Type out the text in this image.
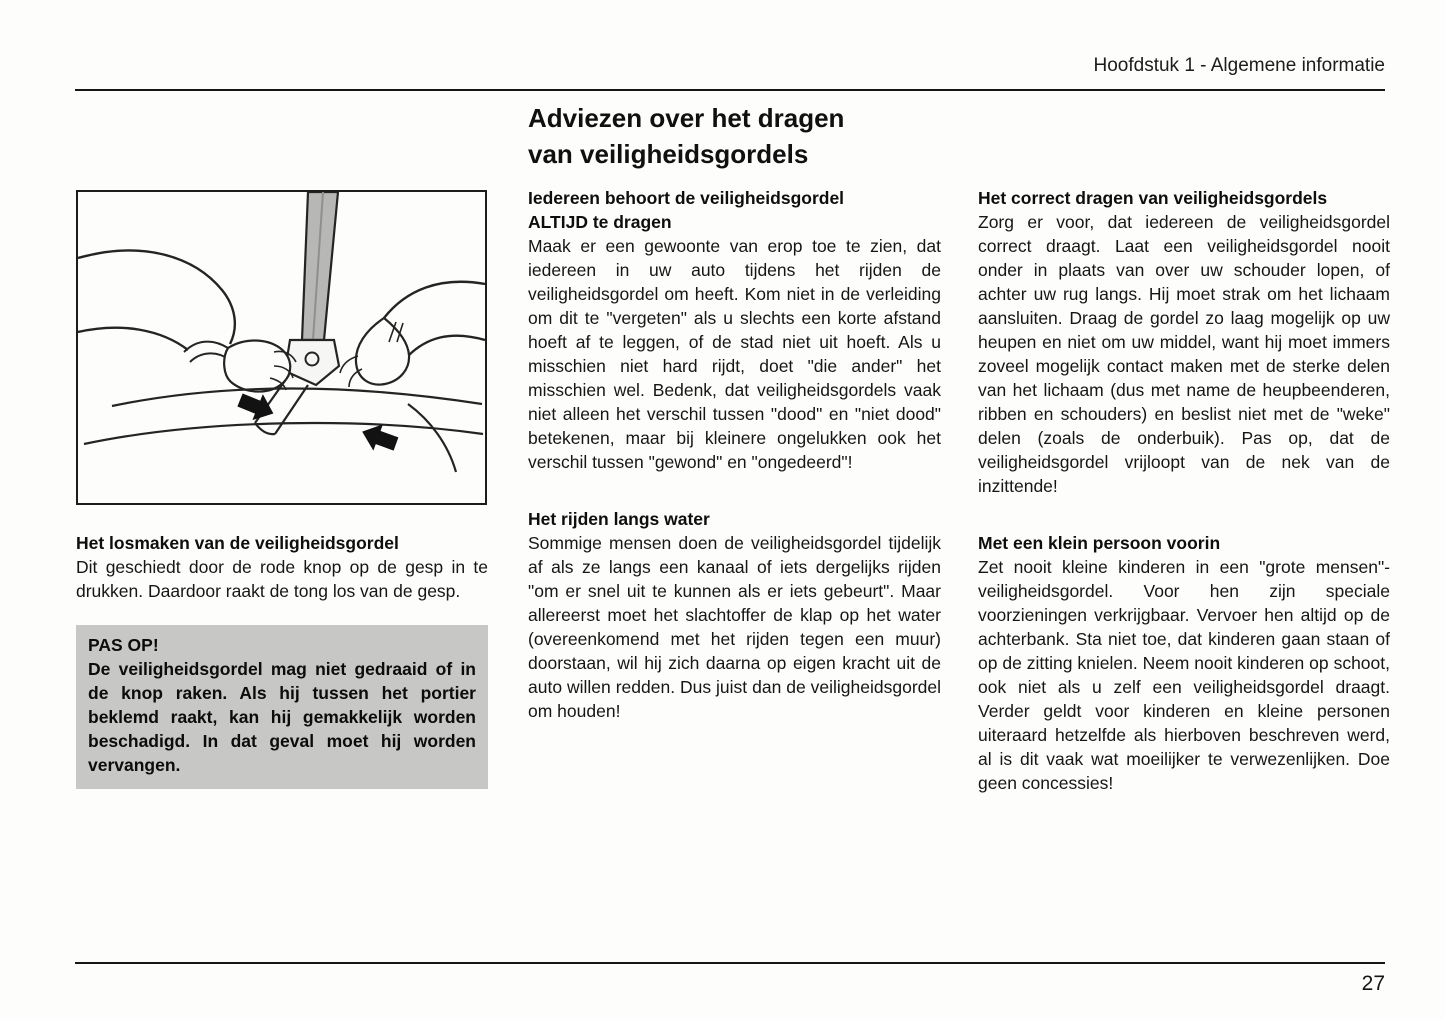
Hoofdstuk 1 - Algemene informatie
Adviezen over het dragen
van veiligheidsgordels
Het losmaken van de veiligheidsgordel

Dit geschiedt door de rode knop op de gesp in te drukken. Daardoor raakt de tong los van de gesp.

PAS OP!
De veiligheidsgordel mag niet gedraaid of in de knop raken. Als hij tussen het portier beklemd raakt, kan hij gemakkelijk worden beschadigd. In dat geval moet hij worden vervangen.
Iedereen behoort de veiligheidsgordel
ALTIJD te dragen

Maak er een gewoonte van erop toe te zien, dat iedereen in uw auto tijdens het rijden de veiligheidsgordel om heeft. Kom niet in de verleiding om dit te "vergeten" als u slechts een korte afstand hoeft af te leggen, of de stad niet uit hoeft. Als u misschien niet hard rijdt, doet "die ander" het misschien wel. Bedenk, dat veiligheidsgordels vaak niet alleen het verschil tussen "dood" en "niet dood" betekenen, maar bij kleinere ongelukken ook het verschil tussen "gewond" en "ongedeerd"!

Het rijden langs water

Sommige mensen doen de veiligheidsgordel tijdelijk af als ze langs een kanaal of iets dergelijks rijden "om er snel uit te kunnen als er iets gebeurt". Maar allereerst moet het slachtoffer de klap op het water (overeenkomend met het rijden tegen een muur) doorstaan, wil hij zich daarna op eigen kracht uit de auto willen redden. Dus juist dan de veiligheidsgordel om houden!

Het correct dragen van veiligheidsgordels

Zorg er voor, dat iedereen de veiligheidsgordel correct draagt. Laat een veiligheidsgordel nooit onder in plaats van over uw schouder lopen, of achter uw rug langs. Hij moet strak om het lichaam aansluiten. Draag de gordel zo laag mogelijk op uw heupen en niet om uw middel, want hij moet immers zoveel mogelijk contact maken met de sterke delen van het lichaam (dus met name de heupbeenderen, ribben en schouders) en beslist niet met de "weke" delen (zoals de onderbuik). Pas op, dat de veiligheidsgordel vrijloopt van de nek van de inzittende!

Met een klein persoon voorin

Zet nooit kleine kinderen in een "grote mensen"-veiligheidsgordel. Voor hen zijn speciale voorzieningen verkrijgbaar. Vervoer hen altijd op de achterbank. Sta niet toe, dat kinderen gaan staan of op de zitting knielen. Neem nooit kinderen op schoot, ook niet als u zelf een veiligheidsgordel draagt. Verder geldt voor kinderen en kleine personen uiteraard hetzelfde als hierboven beschreven werd, al is dit vaak wat moeilijker te verwezenlijken. Doe geen concessies!

27
